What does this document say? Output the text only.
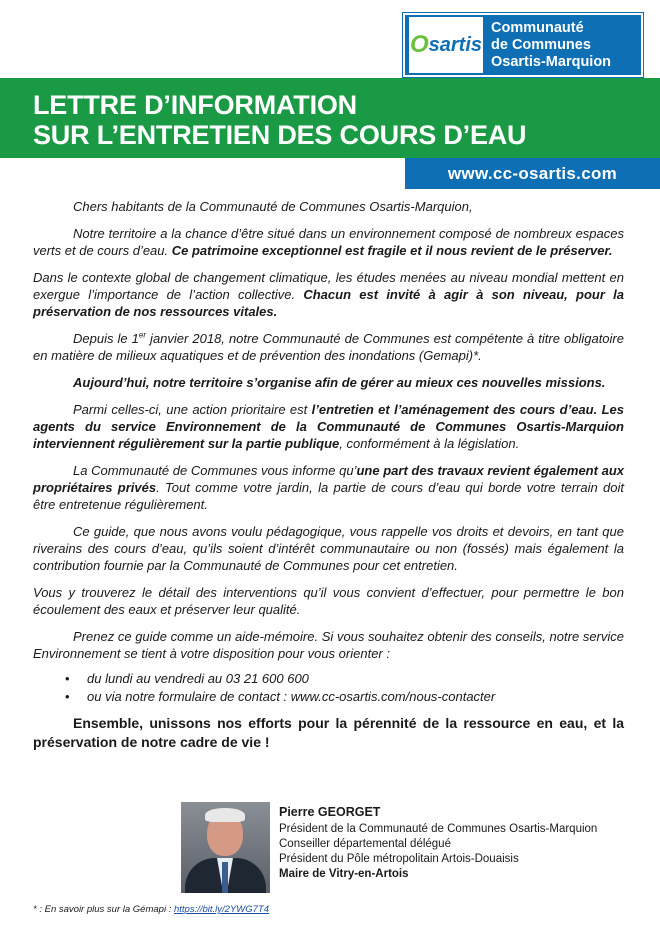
O sartis
Communauté
de Communes
Osartis-Marquion
LETTRE D’INFORMATION
SUR L’ENTRETIEN DES COURS D’EAU
www.cc-osartis.com

Chers habitants de la Communauté de Communes Osartis-Marquion,

Notre territoire a la chance d’être situé dans un environnement composé de nombreux espaces verts et de cours d’eau. Ce patrimoine exceptionnel est fragile et il nous revient de le préserver.

Dans le contexte global de changement climatique, les études menées au niveau mondial mettent en exergue l’importance de l’action collective. Chacun est invité à agir à son niveau, pour la préservation de nos ressources vitales.

Depuis le 1er janvier 2018, notre Communauté de Communes est compétente à titre obligatoire en matière de milieux aquatiques et de prévention des inondations (Gemapi)*.

Aujourd’hui, notre territoire s’organise afin de gérer au mieux ces nouvelles missions.

Parmi celles-ci, une action prioritaire est l’entretien et l’aménagement des cours d’eau. Les agents du service Environnement de la Communauté de Communes Osartis-Marquion interviennent régulièrement sur la partie publique, conformément à la législation.

La Communauté de Communes vous informe qu’une part des travaux revient également aux propriétaires privés. Tout comme votre jardin, la partie de cours d’eau qui borde votre terrain doit être entretenue régulièrement.

Ce guide, que nous avons voulu pédagogique, vous rappelle vos droits et devoirs, en tant que riverains des cours d’eau, qu’ils soient d’intérêt communautaire ou non (fossés) mais également la contribution fournie par la Communauté de Communes pour cet entretien.

Vous y trouverez le détail des interventions qu’il vous convient d’effectuer, pour permettre le bon écoulement des eaux et préserver leur qualité.

Prenez ce guide comme un aide-mémoire. Si vous souhaitez obtenir des conseils, notre service Environnement se tient à votre disposition pour vous orienter :

• du lundi au vendredi au 03 21 600 600
• ou via notre formulaire de contact : www.cc-osartis.com/nous-contacter

Ensemble, unissons nos efforts pour la pérennité de la ressource en eau, et la préservation de notre cadre de vie !

Pierre GEORGET
Président de la Communauté de Communes Osartis-Marquion
Conseiller départemental délégué
Président du Pôle métropolitain Artois-Douaisis
Maire de Vitry-en-Artois
* : En savoir plus sur la Gémapi : https://bit.ly/2YWG7T4
